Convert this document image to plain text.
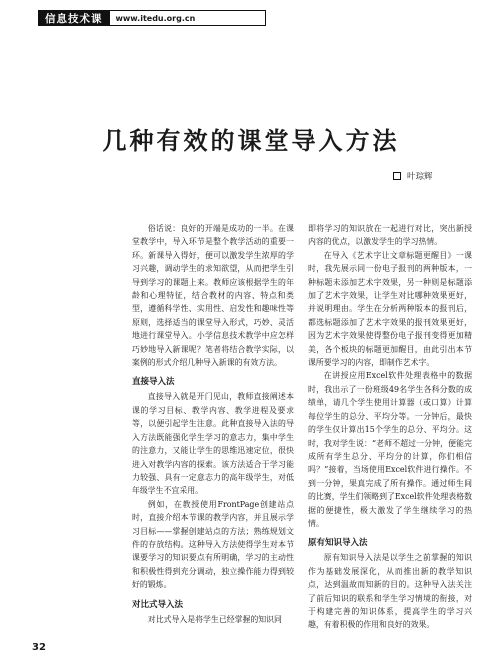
信息技术课	www.itedu.org.cn
几种有效的课堂导入方法
叶琮辉

俗话说：良好的开端是成功的一半。在课堂教学中，导入环节是整个教学活动的重要一环。新课导入得好，便可以激发学生浓厚的学习兴趣，调动学生的求知欲望，从而把学生引导到学习的课题上来。教师应该根据学生的年龄和心理特征，结合教材的内容、特点和类型，遵循科学性、实用性、启发性和趣味性等原则，选择适当的课堂导入形式，巧妙、灵活地进行课堂导入。小学信息技术教学中应怎样巧妙地导入新课呢？笔者将结合教学实际，以案例的形式介绍几种导入新课的有效方法。

直接导入法

直接导入就是开门见山，教师直接阐述本课的学习目标、教学内容、教学进程及要求等，以便引起学生注意。此种直接导入法的导入方法既能强化学生学习的意志力，集中学生的注意力，又能让学生的思维迅速定位，很快进入对教学内容的探索。该方法适合于学习能力较强、具有一定意志力的高年级学生，对低年级学生不宜采用。

例如，在教授使用FrontPage创建站点时，直接介绍本节课的教学内容，并且展示学习目标——掌握创建站点的方法；熟练规划文件的存放结构。这种导入方法使得学生对本节课要学习的知识要点有所明确，学习的主动性和积极性得到充分调动，独立操作能力得到较好的锻炼。

对比式导入法

对比式导入是将学生已经掌握的知识同

即将学习的知识放在一起进行对比，突出新授内容的优点，以激发学生的学习热情。

在导入《艺术字让文章标题更醒目》一课时，我先展示同一份电子报刊的两种版本，一种标题未添加艺术字效果，另一种则是标题添加了艺术字效果，让学生对比哪种效果更好，并说明理由。学生在分析两种版本的报刊后，都选标题添加了艺术字效果的报刊效果更好，因为艺术字效果使得整份电子报刊变得更加精美，各个板块的标题更加醒目，由此引出本节课所要学习的内容，即制作艺术字。

在讲授应用Excel软件处理表格中的数据时，我出示了一份班级49名学生各科分数的成绩单，请几个学生使用计算器（或口算）计算每位学生的总分、平均分等。一分钟后，最快的学生仅计算出15个学生的总分、平均分。这时，我对学生说：“老师不超过一分钟，便能完成所有学生总分、平均分的计算，你们相信吗？”接着，当场使用Excel软件进行操作。不到一分钟，果真完成了所有操作。通过师生间的比赛，学生们领略到了Excel软件处理表格数据的便捷性，极大激发了学生继续学习的热情。

原有知识导入法

原有知识导入法是以学生之前掌握的知识作为基础发展深化，从而推出新的教学知识点，达到温故而知新的目的。这种导入法关注了前后知识的联系和学生学习情境的衔接，对于构建完善的知识体系，提高学生的学习兴趣，有着积极的作用和良好的效果。

32
